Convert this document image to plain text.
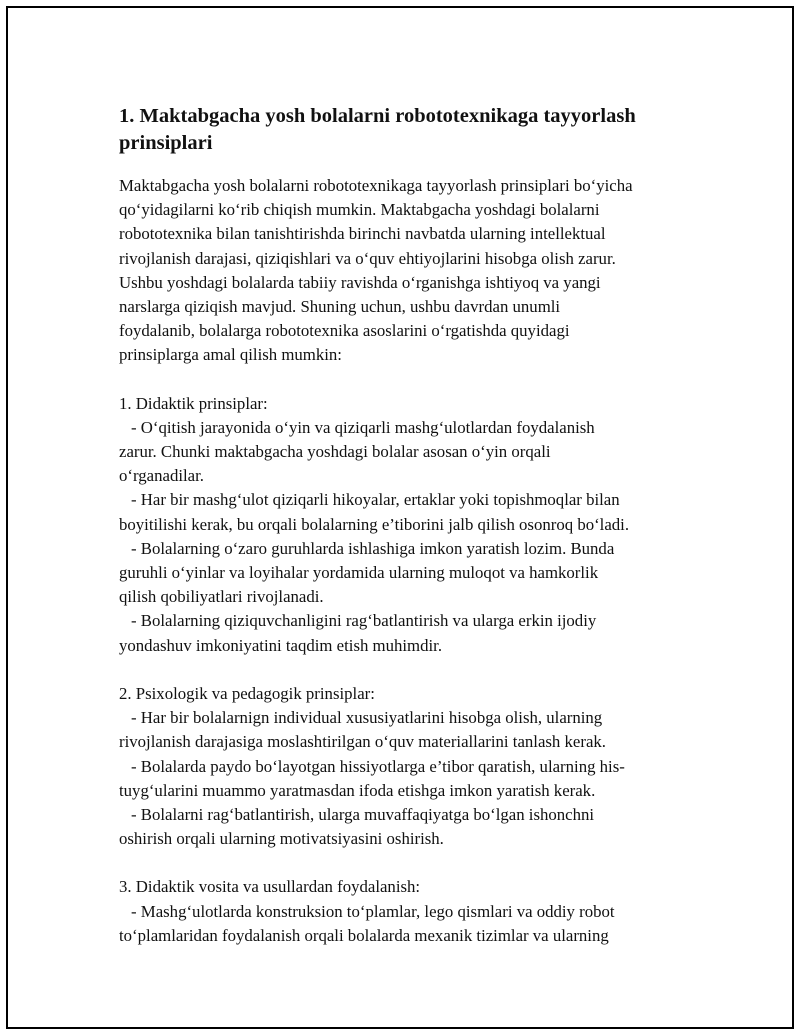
1. Maktabgacha yosh bolalarni robototexnikaga tayyorlash
prinsiplari
Maktabgacha yosh bolalarni robototexnikaga tayyorlash prinsiplari bo‘yicha
qo‘yidagilarni ko‘rib chiqish mumkin. Maktabgacha yoshdagi bolalarni
robototexnika bilan tanishtirishda birinchi navbatda ularning intellektual
rivojlanish darajasi, qiziqishlari va o‘quv ehtiyojlarini hisobga olish zarur.
Ushbu yoshdagi bolalarda tabiiy ravishda o‘rganishga ishtiyoq va yangi
narslarga qiziqish mavjud. Shuning uchun, ushbu davrdan unumli
foydalanib, bolalarga robototexnika asoslarini o‘rgatishda quyidagi
prinsiplarga amal qilish mumkin:
1. Didaktik prinsiplar:
- O‘qitish jarayonida o‘yin va qiziqarli mashg‘ulotlardan foydalanish
zarur. Chunki maktabgacha yoshdagi bolalar asosan o‘yin orqali
o‘rganadilar.
- Har bir mashg‘ulot qiziqarli hikoyalar, ertaklar yoki topishmoqlar bilan
boyitilishi kerak, bu orqali bolalarning e’tiborini jalb qilish osonroq bo‘ladi.
- Bolalarning o‘zaro guruhlarda ishlashiga imkon yaratish lozim. Bunda
guruhli o‘yinlar va loyihalar yordamida ularning muloqot va hamkorlik
qilish qobiliyatlari rivojlanadi.
- Bolalarning qiziquvchanligini rag‘batlantirish va ularga erkin ijodiy
yondashuv imkoniyatini taqdim etish muhimdir.
2. Psixologik va pedagogik prinsiplar:
- Har bir bolalarnign individual xususiyatlarini hisobga olish, ularning
rivojlanish darajasiga moslashtirilgan o‘quv materiallarini tanlash kerak.
- Bolalarda paydo bo‘layotgan hissiyotlarga e’tibor qaratish, ularning his-
tuyg‘ularini muammo yaratmasdan ifoda etishga imkon yaratish kerak.
- Bolalarni rag‘batlantirish, ularga muvaffaqiyatga bo‘lgan ishonchni
oshirish orqali ularning motivatsiyasini oshirish.
3. Didaktik vosita va usullardan foydalanish:
- Mashg‘ulotlarda konstruksion to‘plamlar, lego qismlari va oddiy robot
to‘plamlaridan foydalanish orqali bolalarda mexanik tizimlar va ularning
